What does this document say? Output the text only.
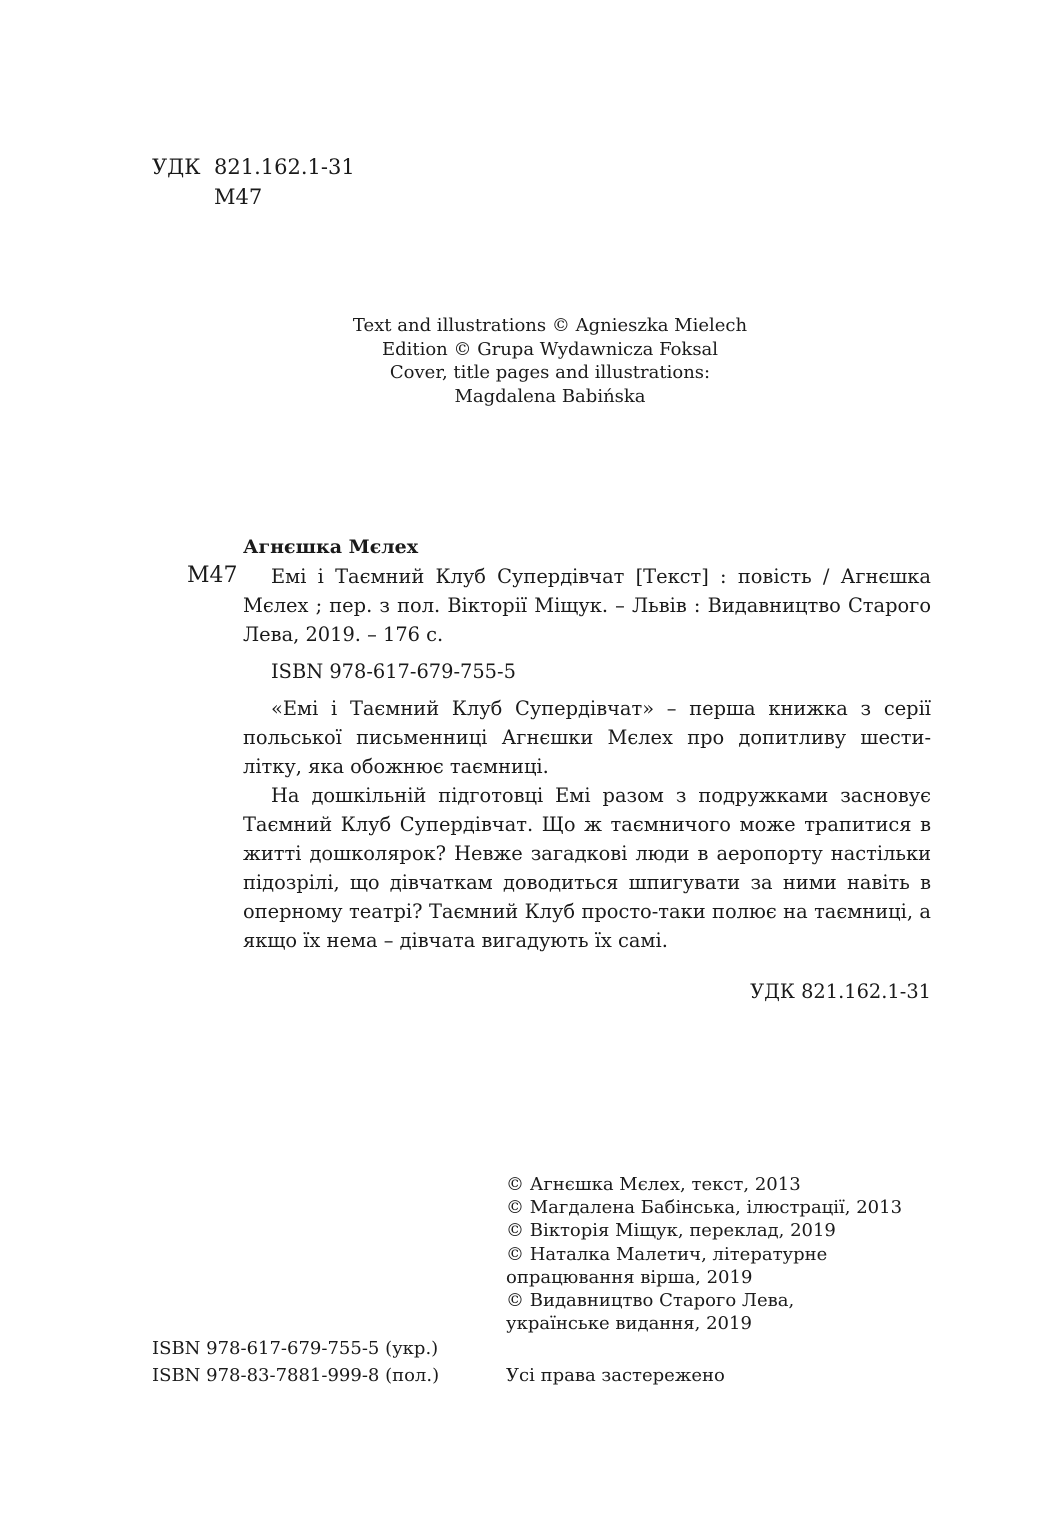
УДК 821.162.1-31
М47
Text and illustrations © Agnieszka Mielech
Edition © Grupa Wydawnicza Foksal
Cover, title pages and illustrations:
Magdalena Babińska
Агнєшка Мєлех
М47	Емі і Таємний Клуб Супердівчат [Текст] : повість / Агнєшка Мєлех ; пер. з пол. Вікторії Міщук. – Львів : Видавництво Старого Лева, 2019. – 176 с.

ISBN 978-617-679-755-5

«Емі і Таємний Клуб Супердівчат» – перша книжка з серії польської письменниці Агнєшки Мєлех про допитливу шестилітку, яка обожнює таємниці.

На дошкільній підготовці Емі разом з подружками засновує Таємний Клуб Супердівчат. Що ж таємничого може трапитися в житті дошколярок? Невже загадкові люди в аеропорту настільки підозрілі, що дівчаткам доводиться шпигувати за ними навіть в оперному театрі? Таємний Клуб просто-таки полює на таємниці, а якщо їх нема – дівчата вигадують їх самі.

УДК 821.162.1-31

© Агнєшка Мєлех, текст, 2013
© Магдалена Бабінська, ілюстрації, 2013
© Вікторія Міщук, переклад, 2019
© Наталка Малетич, літературне
опрацювання вірша, 2019
© Видавництво Старого Лева,
українське видання, 2019
ISBN 978-617-679-755-5 (укр.)
ISBN 978-83-7881-999-8 (пол.)	Усі права застережено
